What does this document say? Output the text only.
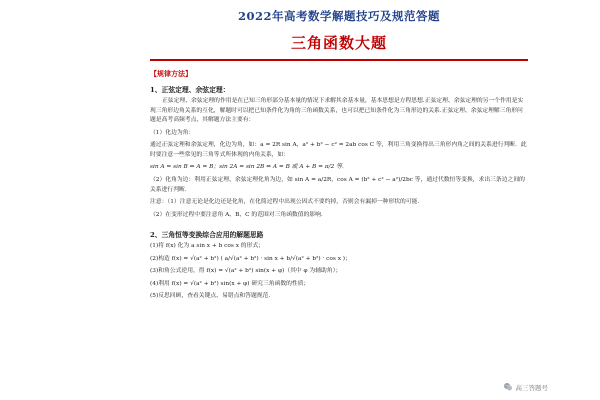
2022年高考数学解题技巧及规范答题
三角函数大题
【规律方法】
1、正弦定理、余弦定理：
正弦定理、余弦定理的作用是在已知三角形部分基本量的情况下求解其余基本量，基本思想是方程思想.正弦定理、余弦定理的另一个作用是实现三角形边角关系的互化，解题时可以把已知条件化为角的三角函数关系，也可以把已知条件化为三角形边的关系.正弦定理、余弦定理解三角形问题是高考高频考点，其解题方法主要有：
（1）化边为角：
通过正弦定理和余弦定理，化边为角，如：a = 2R sin A，a² + b² − c² = 2ab cos C 等，利用三角变换得出三角形内角之间的关系进行判断．此时要注意一些常见的三角等式所体现的内角关系，如：
sin A = sin B ⇔ A = B；sin 2A = sin 2B ⇔ A = B 或 A + B = π/2 等．
（2）化角为边：利用正弦定理、余弦定理化角为边，如 sin A = a/2R，cos A = (b² + c² − a²)/2bc 等，通过代数恒等变换，求出三条边之间的关系进行判断．
注意：（1）注意无论是化边还是化角，在化简过程中出现公因式不要约掉，否则会有漏掉一种形状的可能．
（2）在变形过程中要注意角 A、B、C 的范围对三角函数值的影响．
2、三角恒等变换综合应用的解题思路
(1)将 f(x) 化为 a sin x + b cos x 的形式；
(2)构造 f(x) = √(a² + b²) ( a/√(a² + b²) · sin x + b/√(a² + b²) · cos x )；
(3)和角公式逆用，得 f(x) = √(a² + b²) sin(x + φ)（其中 φ 为辅助角）；
(4)利用 f(x) = √(a² + b²) sin(x + φ) 研究三角函数的性质；
(5)反思回顾，查看关键点、易错点和答题规范．
高三答题号
